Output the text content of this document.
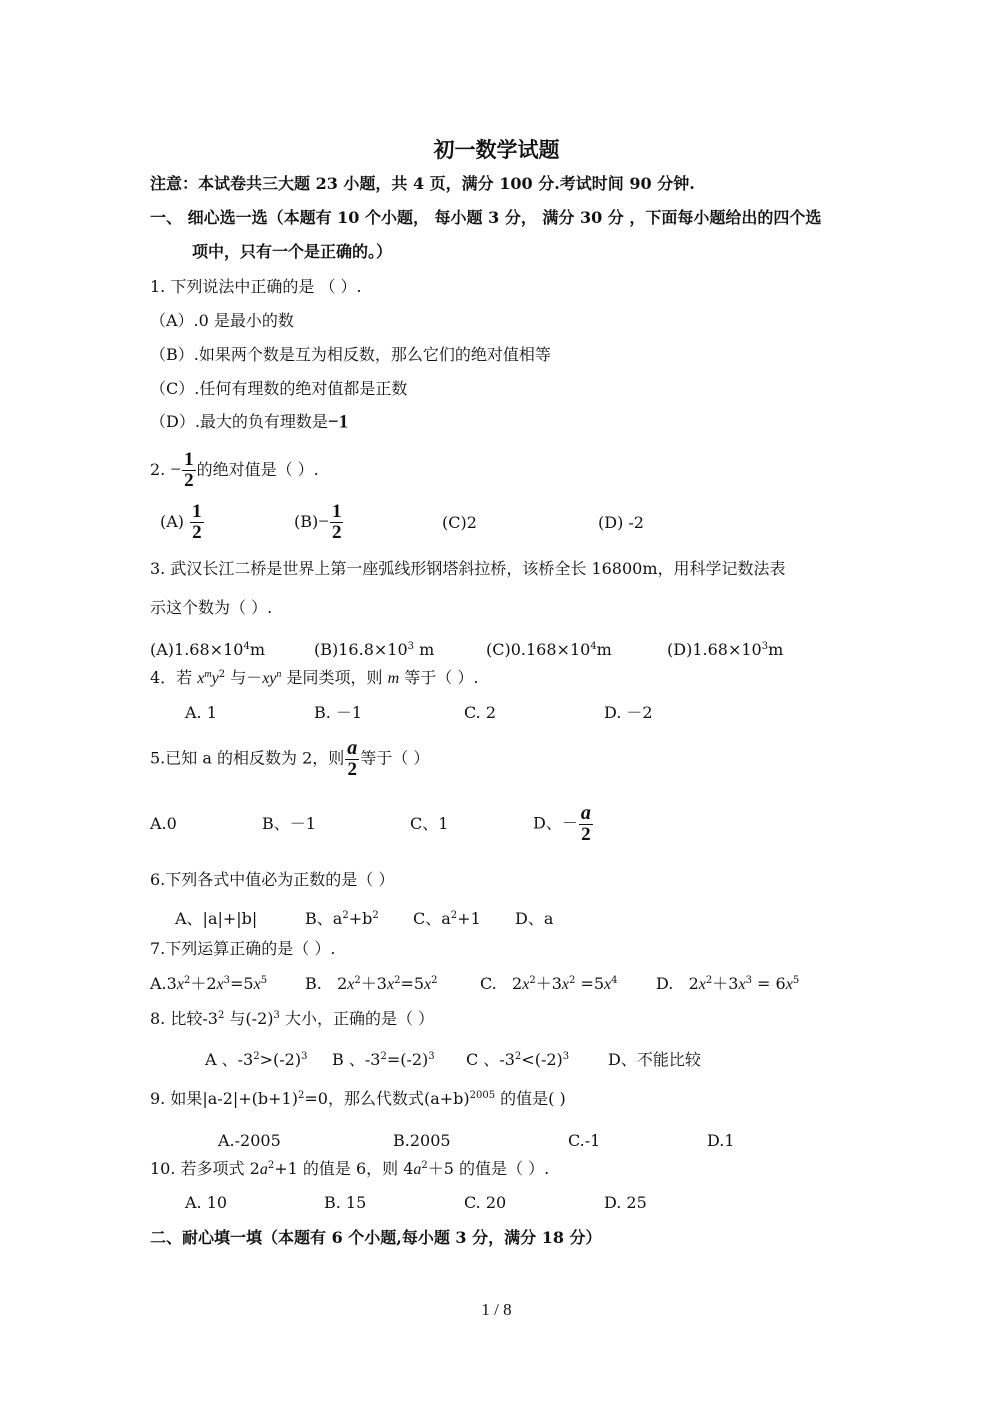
初一数学试题
注意：本试卷共三大题 23 小题，共 4 页，满分 100 分.考试时间 90 分钟.
一、 细心选一选（本题有 10 个小题， 每小题 3 分， 满分 30 分 ，下面每小题给出的四个选
项中，只有一个是正确的。）
1. 下列说法中正确的是 （ ）.
（A）.0 是最小的数
（B）.如果两个数是互为相反数，那么它们的绝对值相等
（C）.任何有理数的绝对值都是正数
（D）.最大的负有理数是−1
2. − $\frac{1}{2}$ 的绝对值是（ ）.
$(A) \frac{1}{2}$	$(B)- \frac{1}{2}$	(C)2	(D) -2
3. 武汉长江二桥是世界上第一座弧线形钢塔斜拉桥，该桥全长 16800m，用科学记数法表
示这个数为（ ）.
$(A)1.68\times 10^4m$	$(B)16.8\times 10^3$ m	$(C)0.168\times 10^4m$	$(D)1.68\times 10^3m$
4．若 $x^my^2$ 与$-xy^n$ 是同类项，则 m 等于（ ）.
A. 1	B. －1	C. 2	D. －2
5.已知 a 的相反数为 2，则 $\frac{a}{2}$ 等于（ ）
A.0	B、－1	C、1	D、－ $\frac{a}{2}$
6.下列各式中值必为正数的是（ ）
A、|a|+|b|	B、$a^2+b^2$ C、$a^2+1$ D、a
7.下列运算正确的是（ ）.
$A.3x^2+2x^3=5x^5$ B.   $2x^2+3x^2=5x^2$	C.   $2x^2+3x^2 =5x^4$ D.   $2x^2+3x^3 = 6x^5$
8. 比较$-3^2$ 与$(-2)^3$ 大小，正确的是（ ）
A 、$-3^2>(-2)^3$ B 、$-3^2=(-2)^3$ C 、$-3^2<(-2)^3$ D、不能比较
9. 如果$|a-2|+(b+1)^2=0$，那么代数式$(a+b)^{2005}$ 的值是( )
A.-2005	B.2005	C.-1	D.1
10. 若多项式 $2a^2+1$ 的值是 6，则 $4a^2+5$ 的值是（ ）.
A. 10	B. 15	C. 20	D. 25
二、耐心填一填（本题有 6 个小题,每小题 3 分，满分 18 分）
1 / 8
